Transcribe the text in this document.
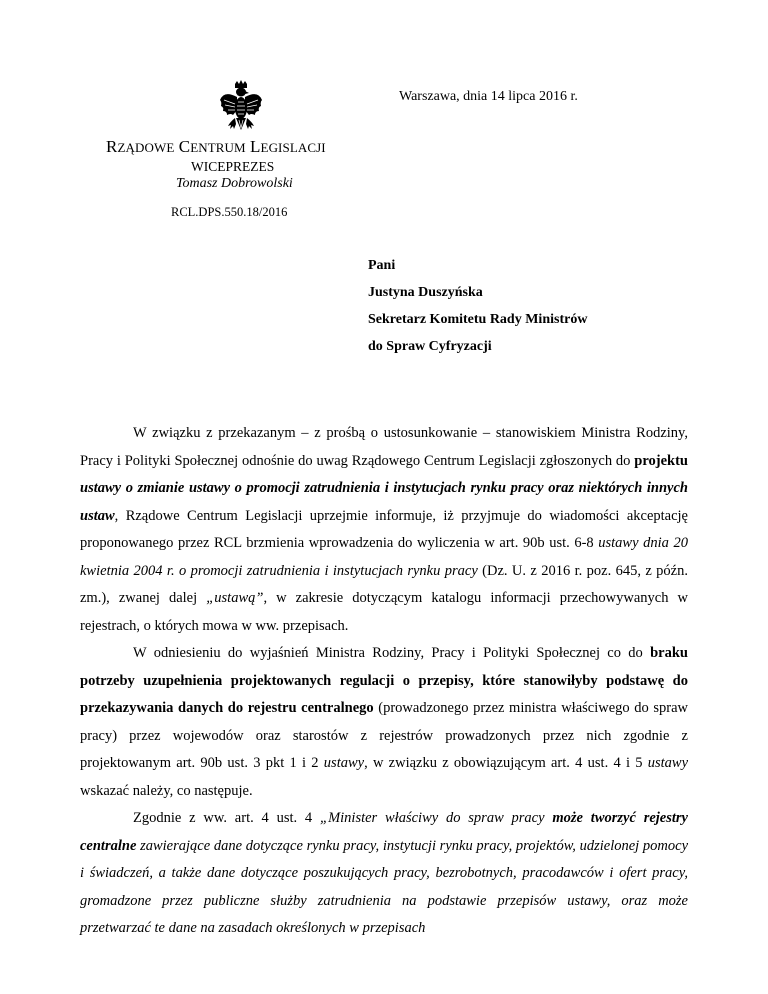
Warszawa, dnia 14 lipca 2016 r.
RZĄDOWE CENTRUM LEGISLACJI
WICEPREZES
Tomasz Dobrowolski
RCL.DPS.550.18/2016
Pani
Justyna Duszyńska
Sekretarz Komitetu Rady Ministrów
do Spraw Cyfryzacji

W związku z przekazanym – z prośbą o ustosunkowanie – stanowiskiem Ministra Rodziny, Pracy i Polityki Społecznej odnośnie do uwag Rządowego Centrum Legislacji zgłoszonych do projektu ustawy o zmianie ustawy o promocji zatrudnienia i instytucjach rynku pracy oraz niektórych innych ustaw, Rządowe Centrum Legislacji uprzejmie informuje, iż przyjmuje do wiadomości akceptację proponowanego przez RCL brzmienia wprowadzenia do wyliczenia w art. 90b ust. 6-8 ustawy dnia 20 kwietnia 2004 r. o promocji zatrudnienia i instytucjach rynku pracy (Dz. U. z 2016 r. poz. 645, z późn. zm.), zwanej dalej „ustawą”, w zakresie dotyczącym katalogu informacji przechowywanych w rejestrach, o których mowa w ww. przepisach.

W odniesieniu do wyjaśnień Ministra Rodziny, Pracy i Polityki Społecznej co do braku potrzeby uzupełnienia projektowanych regulacji o przepisy, które stanowiłyby podstawę do przekazywania danych do rejestru centralnego (prowadzonego przez ministra właściwego do spraw pracy) przez wojewodów oraz starostów z rejestrów prowadzonych przez nich zgodnie z projektowanym art. 90b ust. 3 pkt 1 i 2 ustawy, w związku z obowiązującym art. 4 ust. 4 i 5 ustawy wskazać należy, co następuje.

Zgodnie z ww. art. 4 ust. 4 „Minister właściwy do spraw pracy może tworzyć rejestry centralne zawierające dane dotyczące rynku pracy, instytucji rynku pracy, projektów, udzielonej pomocy i świadczeń, a także dane dotyczące poszukujących pracy, bezrobotnych, pracodawców i ofert pracy, gromadzone przez publiczne służby zatrudnienia na podstawie przepisów ustawy, oraz może przetwarzać te dane na zasadach określonych w przepisach
